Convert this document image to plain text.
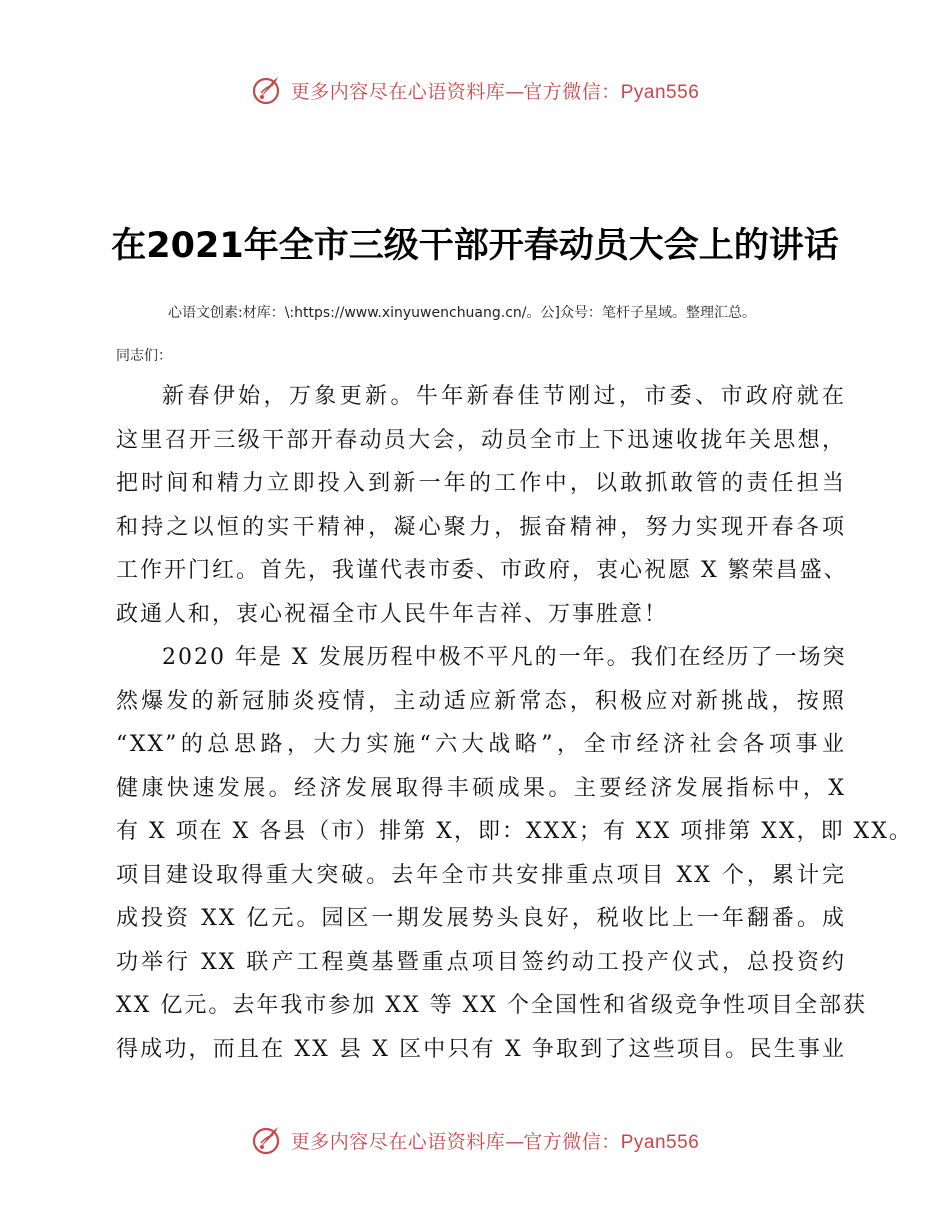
更多内容尽在心语资料库—官方微信：Pyan556
在2021年全市三级干部开春动员大会上的讲话
心语文创素:材库：\:https://www.xinyuwenchuang.cn/。公]众号：笔杆子星域。整理汇总。
同志们：
新春伊始，万象更新。牛年新春佳节刚过，市委、市政府就在
这里召开三级干部开春动员大会，动员全市上下迅速收拢年关思想，
把时间和精力立即投入到新一年的工作中，以敢抓敢管的责任担当
和持之以恒的实干精神，凝心聚力，振奋精神，努力实现开春各项
工作开门红。首先，我谨代表市委、市政府，衷心祝愿 X 繁荣昌盛、
政通人和，衷心祝福全市人民牛年吉祥、万事胜意！
2020 年是 X 发展历程中极不平凡的一年。我们在经历了一场突
然爆发的新冠肺炎疫情，主动适应新常态，积极应对新挑战，按照
“XX”的总思路，大力实施“六大战略”，全市经济社会各项事业
健康快速发展。经济发展取得丰硕成果。主要经济发展指标中，X
有 X 项在 X 各县（市）排第 X，即：XXX；有 XX 项排第 XX，即 XX。
项目建设取得重大突破。去年全市共安排重点项目 XX 个，累计完
成投资 XX 亿元。园区一期发展势头良好，税收比上一年翻番。成
功举行 XX 联产工程奠基暨重点项目签约动工投产仪式，总投资约
XX 亿元。去年我市参加 XX 等 XX 个全国性和省级竞争性项目全部获
得成功，而且在 XX 县 X 区中只有 X 争取到了这些项目。民生事业
更多内容尽在心语资料库—官方微信：Pyan556
